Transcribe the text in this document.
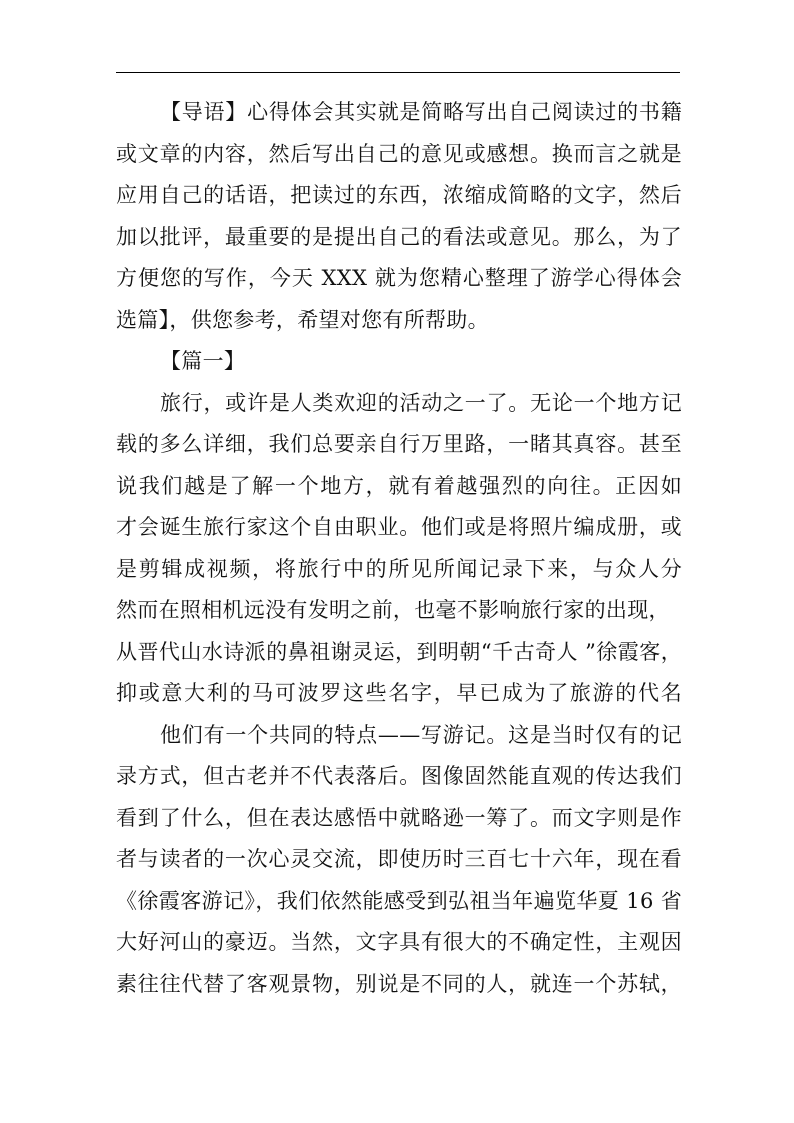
【导语】心得体会其实就是简略写出自己阅读过的书籍
或文章的内容，然后写出自己的意见或感想。换而言之就是
应用自己的话语，把读过的东西，浓缩成简略的文字，然后
加以批评，最重要的是提出自己的看法或意见。那么，为了
方便您的写作，今天 XXX 就为您精心整理了游学心得体会
选篇】，供您参考，希望对您有所帮助。
【篇一】
旅行，或许是人类欢迎的活动之一了。无论一个地方记
载的多么详细，我们总要亲自行万里路，一睹其真容。甚至
说我们越是了解一个地方，就有着越强烈的向往。正因如
才会诞生旅行家这个自由职业。他们或是将照片编成册，或
是剪辑成视频，将旅行中的所见所闻记录下来，与众人分
然而在照相机远没有发明之前，也毫不影响旅行家的出现，
从晋代山水诗派的鼻祖谢灵运，到明朝“千古奇人 ”徐霞客，
抑或意大利的马可波罗这些名字，早已成为了旅游的代名
他们有一个共同的特点——写游记。这是当时仅有的记
录方式，但古老并不代表落后。图像固然能直观的传达我们
看到了什么，但在表达感悟中就略逊一筹了。而文字则是作
者与读者的一次心灵交流，即使历时三百七十六年，现在看
《徐霞客游记》，我们依然能感受到弘祖当年遍览华夏 16 省
大好河山的豪迈。当然，文字具有很大的不确定性，主观因
素往往代替了客观景物，别说是不同的人，就连一个苏轼，
